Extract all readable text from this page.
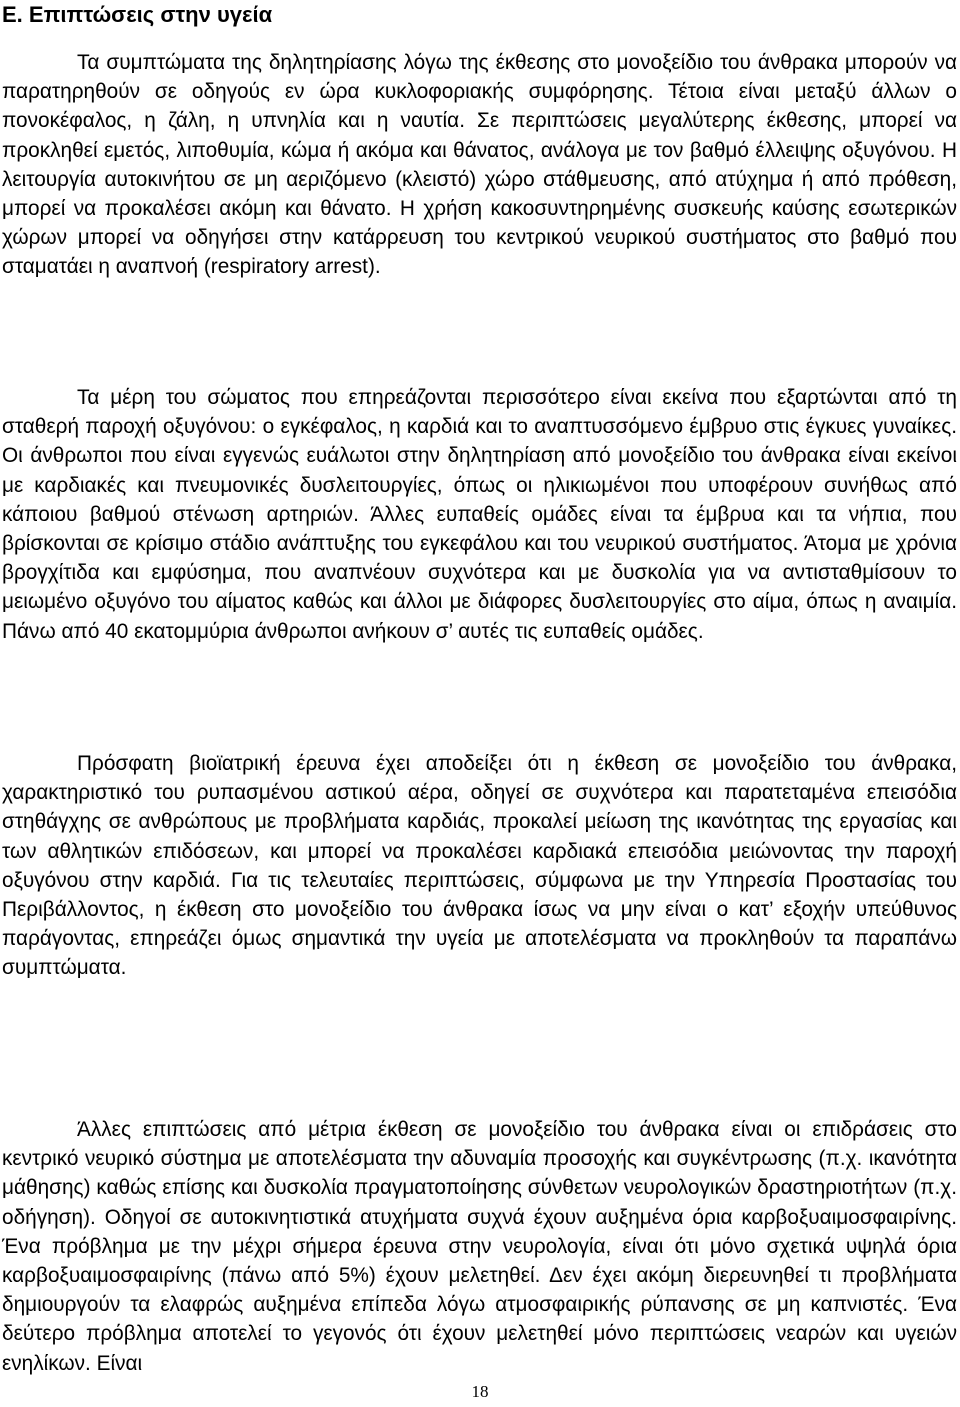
Ε. Επιπτώσεις στην υγεία

Τα συμπτώματα της δηλητηρίασης λόγω της έκθεσης στο μονοξείδιο του άνθρακα μπορούν να παρατηρηθούν σε οδηγούς εν ώρα κυκλοφοριακής συμφόρησης. Τέτοια είναι μεταξύ άλλων ο πονοκέφαλος, η ζάλη, η υπνηλία και η ναυτία. Σε περιπτώσεις μεγαλύτερης έκθεσης, μπορεί να προκληθεί εμετός, λιποθυμία, κώμα ή ακόμα και θάνατος, ανάλογα με τον βαθμό έλλειψης οξυγόνου. Η λειτουργία αυτοκινήτου σε μη αεριζόμενο (κλειστό) χώρο στάθμευσης, από ατύχημα ή από πρόθεση, μπορεί να προκαλέσει ακόμη και θάνατο. Η χρήση κακοσυντηρημένης συσκευής καύσης εσωτερικών χώρων μπορεί να οδηγήσει στην κατάρρευση του κεντρικού νευρικού συστήματος στο βαθμό που σταματάει η αναπνοή (respiratory arrest).

Τα μέρη του σώματος που επηρεάζονται περισσότερο είναι εκείνα που εξαρτώνται από τη σταθερή παροχή οξυγόνου: ο εγκέφαλος, η καρδιά και το αναπτυσσόμενο έμβρυο στις έγκυες γυναίκες. Οι άνθρωποι που είναι εγγενώς ευάλωτοι στην δηλητηρίαση από μονοξείδιο του άνθρακα είναι εκείνοι με καρδιακές και πνευμονικές δυσλειτουργίες, όπως οι ηλικιωμένοι που υποφέρουν συνήθως από κάποιου βαθμού στένωση αρτηριών. Άλλες ευπαθείς ομάδες είναι τα έμβρυα και τα νήπια, που βρίσκονται σε κρίσιμο στάδιο ανάπτυξης του εγκεφάλου και του νευρικού συστήματος. Άτομα με χρόνια βρογχίτιδα και εμφύσημα, που αναπνέουν συχνότερα και με δυσκολία για να αντισταθμίσουν το μειωμένο οξυγόνο του αίματος καθώς και άλλοι με διάφορες δυσλειτουργίες στο αίμα, όπως η αναιμία. Πάνω από 40 εκατομμύρια άνθρωποι ανήκουν σ’ αυτές τις ευπαθείς ομάδες.

Πρόσφατη βιοϊατρική έρευνα έχει αποδείξει ότι η έκθεση σε μονοξείδιο του άνθρακα, χαρακτηριστικό του ρυπασμένου αστικού αέρα, οδηγεί σε συχνότερα και παρατεταμένα επεισόδια στηθάγχης σε ανθρώπους με προβλήματα καρδιάς, προκαλεί μείωση της ικανότητας της εργασίας και των αθλητικών επιδόσεων, και μπορεί να προκαλέσει καρδιακά επεισόδια μειώνοντας την παροχή οξυγόνου στην καρδιά. Για τις τελευταίες περιπτώσεις, σύμφωνα με την Υπηρεσία Προστασίας του Περιβάλλοντος, η έκθεση στο μονοξείδιο του άνθρακα ίσως να μην είναι ο κατ’ εξοχήν υπεύθυνος παράγοντας, επηρεάζει όμως σημαντικά την υγεία με αποτελέσματα να προκληθούν τα παραπάνω συμπτώματα.

Άλλες επιπτώσεις από μέτρια έκθεση σε μονοξείδιο του άνθρακα είναι οι επιδράσεις στο κεντρικό νευρικό σύστημα με αποτελέσματα την αδυναμία προσοχής και συγκέντρωσης (π.χ. ικανότητα μάθησης) καθώς επίσης και δυσκολία πραγματοποίησης σύνθετων νευρολογικών δραστηριοτήτων (π.χ. οδήγηση). Οδηγοί σε αυτοκινητιστικά ατυχήματα συχνά έχουν αυξημένα όρια καρβοξυαιμοσφαιρίνης. Ένα πρόβλημα με την μέχρι σήμερα έρευνα στην νευρολογία, είναι ότι μόνο σχετικά υψηλά όρια καρβοξυαιμοσφαιρίνης (πάνω από 5%) έχουν μελετηθεί. Δεν έχει ακόμη διερευνηθεί τι προβλήματα δημιουργούν τα ελαφρώς αυξημένα επίπεδα λόγω ατμοσφαιρικής ρύπανσης σε μη καπνιστές. Ένα δεύτερο πρόβλημα αποτελεί το γεγονός ότι έχουν μελετηθεί μόνο περιπτώσεις νεαρών και υγειών ενηλίκων. Είναι

18
